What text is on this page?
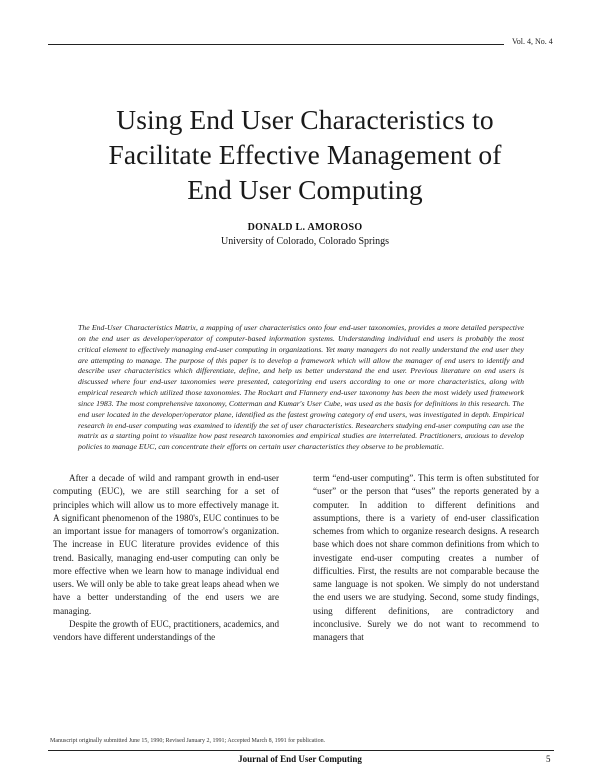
Vol. 4, No. 4
Using End User Characteristics to
Facilitate Effective Management of
End User Computing
DONALD L. AMOROSO
University of Colorado, Colorado Springs

The End-User Characteristics Matrix, a mapping of user characteristics onto four end-user taxonomies, provides a more detailed perspective on the end user as developer/operator of computer-based information systems. Understanding individual end users is probably the most critical element to effectively managing end-user computing in organizations. Yet many managers do not really understand the end user they are attempting to manage. The purpose of this paper is to develop a framework which will allow the manager of end users to identify and describe user characteristics which differentiate, define, and help us better understand the end user. Previous literature on end users is discussed where four end-user taxonomies were presented, categorizing end users according to one or more characteristics, along with empirical research which utilized those taxonomies. The Rockart and Flannery end-user taxonomy has been the most widely used framework since 1983. The most comprehensive taxonomy, Cotterman and Kumar's User Cube, was used as the basis for definitions in this research. The end user located in the developer/operator plane, identified as the fastest growing category of end users, was investigated in depth. Empirical research in end-user computing was examined to identify the set of user characteristics. Researchers studying end-user computing can use the matrix as a starting point to visualize how past research taxonomies and empirical studies are interrelated. Practitioners, anxious to develop policies to manage EUC, can concentrate their efforts on certain user characteristics they observe to be problematic.

After a decade of wild and rampant growth in end-user computing (EUC), we are still searching for a set of principles which will allow us to more effectively manage it. A significant phenomenon of the 1980's, EUC continues to be an important issue for managers of tomorrow's organization. The increase in EUC literature provides evidence of this trend. Basically, managing end-user computing can only be more effective when we learn how to manage individual end users. We will only be able to take great leaps ahead when we have a better understanding of the end users we are managing.

Despite the growth of EUC, practitioners, academics, and vendors have different understandings of the

term “end-user computing”. This term is often substituted for “user” or the person that “uses” the reports generated by a computer. In addition to different definitions and assumptions, there is a variety of end-user classification schemes from which to organize research designs. A research base which does not share common definitions from which to investigate end-user computing creates a number of difficulties. First, the results are not comparable because the same language is not spoken. We simply do not understand the end users we are studying. Second, some study findings, using different definitions, are contradictory and inconclusive. Surely we do not want to recommend to managers that

Manuscript originally submitted June 15, 1990; Revised January 2, 1991; Accepted March 8, 1991 for publication.
Journal of End User Computing	5
